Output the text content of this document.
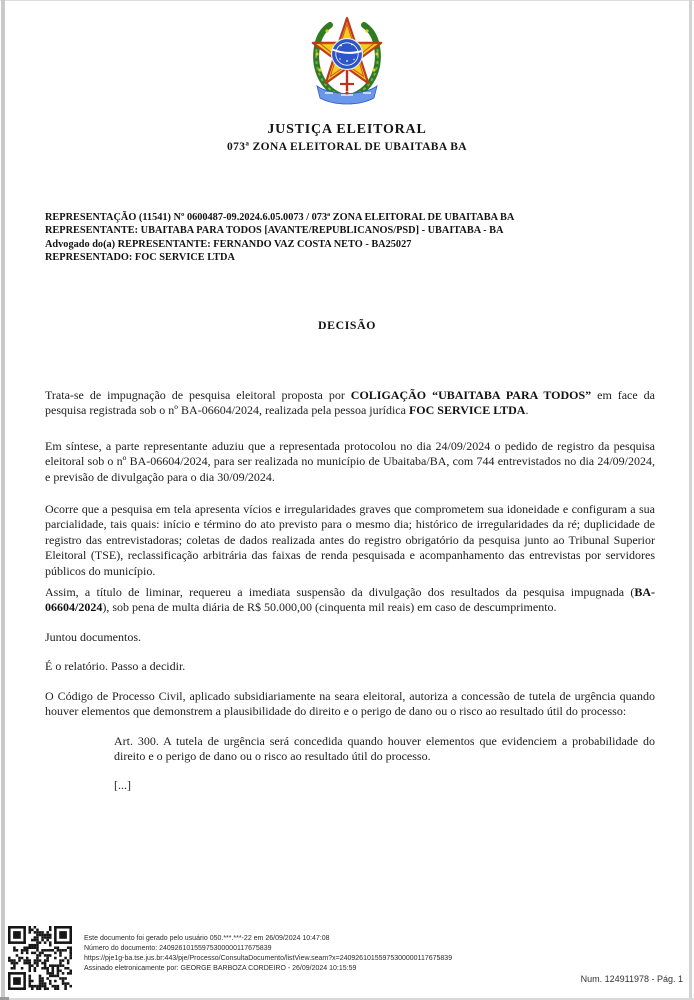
JUSTIÇA ELEITORAL
073ª ZONA ELEITORAL DE UBAITABA BA
REPRESENTAÇÃO (11541) Nº 0600487-09.2024.6.05.0073 / 073ª ZONA ELEITORAL DE UBAITABA BA
REPRESENTANTE: UBAITABA PARA TODOS [AVANTE/REPUBLICANOS/PSD] - UBAITABA - BA
Advogado do(a) REPRESENTANTE: FERNANDO VAZ COSTA NETO - BA25027
REPRESENTADO: FOC SERVICE LTDA
DECISÃO

Trata-se de impugnação de pesquisa eleitoral proposta por COLIGAÇÃO “UBAITABA PARA TODOS” em face da pesquisa registrada sob o nº BA-06604/2024, realizada pela pessoa jurídica FOC SERVICE LTDA.

Em síntese, a parte representante aduziu que a representada protocolou no dia 24/09/2024 o pedido de registro da pesquisa eleitoral sob o nº BA-06604/2024, para ser realizada no município de Ubaitaba/BA, com 744 entrevistados no dia 24/09/2024, e previsão de divulgação para o dia 30/09/2024.

Ocorre que a pesquisa em tela apresenta vícios e irregularidades graves que comprometem sua idoneidade e configuram a sua parcialidade, tais quais: início e término do ato previsto para o mesmo dia; histórico de irregularidades da ré; duplicidade de registro das entrevistadoras; coletas de dados realizada antes do registro obrigatório da pesquisa junto ao Tribunal Superior Eleitoral (TSE), reclassificação arbitrária das faixas de renda pesquisada e acompanhamento das entrevistas por servidores públicos do município.

Assim, a título de liminar, requereu a imediata suspensão da divulgação dos resultados da pesquisa impugnada (BA-06604/2024), sob pena de multa diária de R$ 50.000,00 (cinquenta mil reais) em caso de descumprimento.

Juntou documentos.

É o relatório. Passo a decidir.

O Código de Processo Civil, aplicado subsidiariamente na seara eleitoral, autoriza a concessão de tutela de urgência quando houver elementos que demonstrem a plausibilidade do direito e o perigo de dano ou o risco ao resultado útil do processo:

Art. 300. A tutela de urgência será concedida quando houver elementos que evidenciem a probabilidade do direito e o perigo de dano ou o risco ao resultado útil do processo.

[...]

Este documento foi gerado pelo usuário 050.***.***-22 em 26/09/2024 10:47:08
Número do documento: 24092610155975300000117675839
https://pje1g-ba.tse.jus.br:443/pje/Processo/ConsultaDocumento/listView.seam?x=24092610155975300000117675839
Assinado eletronicamente por: GEORGE BARBOZA CORDEIRO - 26/09/2024 10:15:59
Num. 124911978 - Pág. 1
